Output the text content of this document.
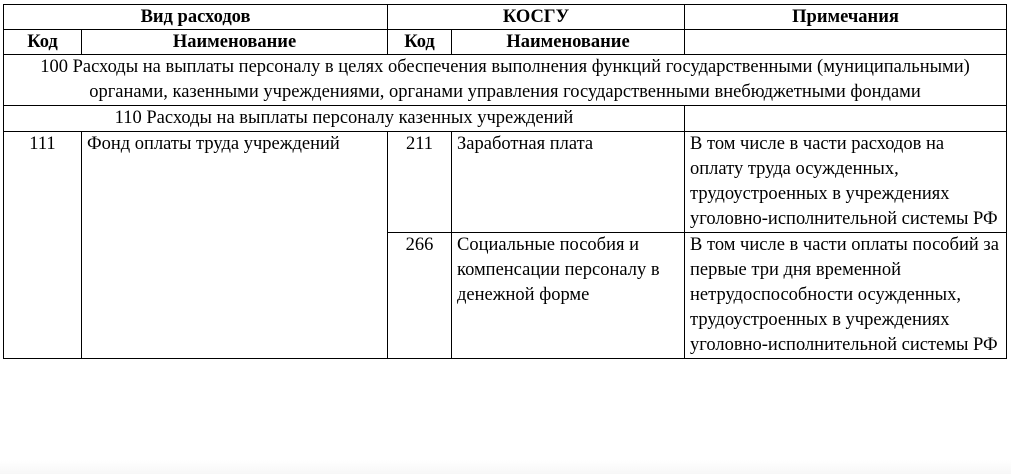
Вид расходов		КОСГУ		Примечания
Код	Наименование	Код	Наименование	
100 Расходы на выплаты персоналу в целях обеспечения выполнения функций государственными (муниципальными) органами, казенными учреждениями, органами управления государственными внебюджетными фондами				
110 Расходы на выплаты персоналу казенных учреждений				
111	Фонд оплаты труда учреждений	211	Заработная плата	В том числе в части расходов на оплату труда осужденных, трудоустроенных в учреждениях уголовно-исполнительной системы РФ
		266	Социальные пособия и компенсации персоналу в денежной форме	В том числе в части оплаты пособий за первые три дня временной нетрудоспособности осужденных, трудоустроенных в учреждениях уголовно-исполнительной системы РФ
